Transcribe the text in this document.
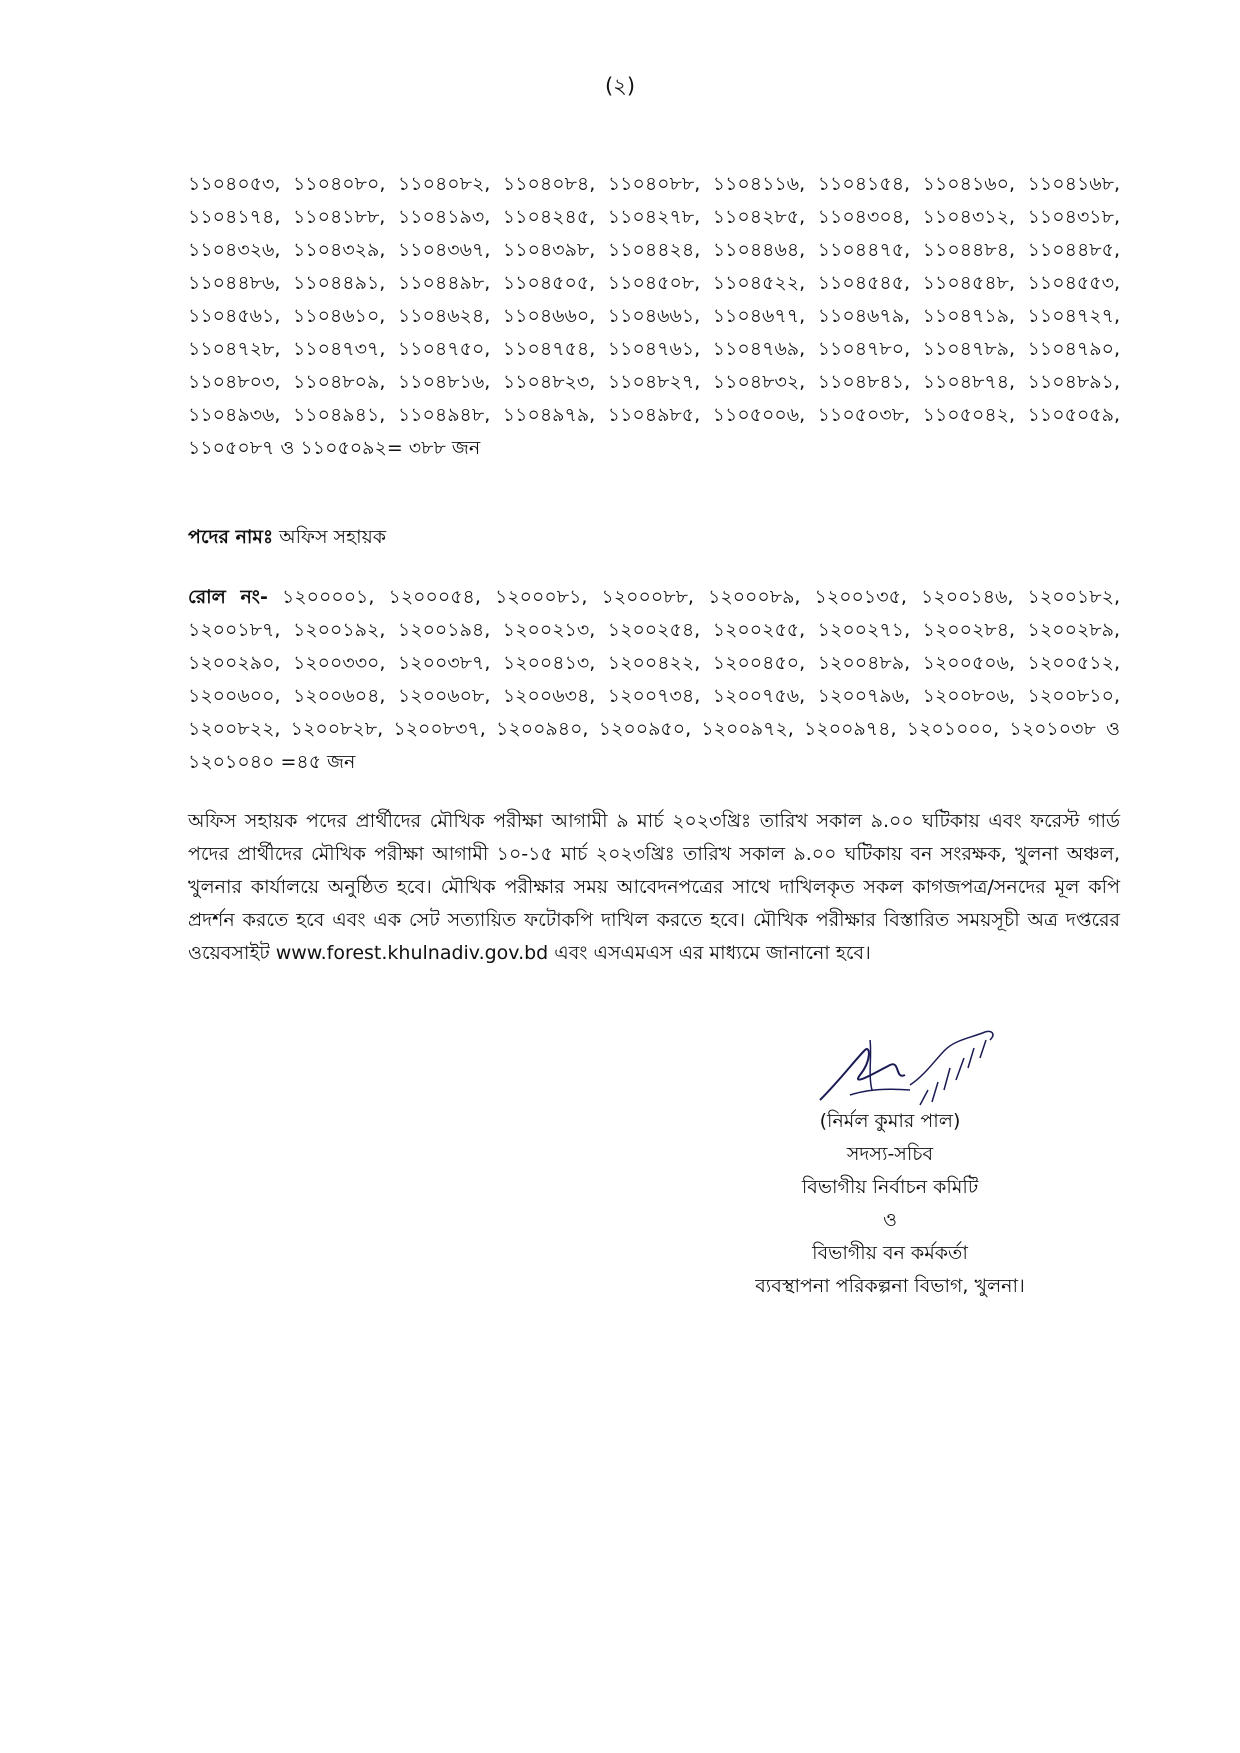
(২)

১১০৪০৫৩, ১১০৪০৮০, ১১০৪০৮২, ১১০৪০৮৪, ১১০৪০৮৮, ১১০৪১১৬, ১১০৪১৫৪, ১১০৪১৬০, ১১০৪১৬৮, ১১০৪১৭৪, ১১০৪১৮৮, ১১০৪১৯৩, ১১০৪২৪৫, ১১০৪২৭৮, ১১০৪২৮৫, ১১০৪৩০৪, ১১০৪৩১২, ১১০৪৩১৮, ১১০৪৩২৬, ১১০৪৩২৯, ১১০৪৩৬৭, ১১০৪৩৯৮, ১১০৪৪২৪, ১১০৪৪৬৪, ১১০৪৪৭৫, ১১০৪৪৮৪, ১১০৪৪৮৫, ১১০৪৪৮৬, ১১০৪৪৯১, ১১০৪৪৯৮, ১১০৪৫০৫, ১১০৪৫০৮, ১১০৪৫২২, ১১০৪৫৪৫, ১১০৪৫৪৮, ১১০৪৫৫৩, ১১০৪৫৬১, ১১০৪৬১০, ১১০৪৬২৪, ১১০৪৬৬০, ১১০৪৬৬১, ১১০৪৬৭৭, ১১০৪৬৭৯, ১১০৪৭১৯, ১১০৪৭২৭, ১১০৪৭২৮, ১১০৪৭৩৭, ১১০৪৭৫০, ১১০৪৭৫৪, ১১০৪৭৬১, ১১০৪৭৬৯, ১১০৪৭৮০, ১১০৪৭৮৯, ১১০৪৭৯০, ১১০৪৮০৩, ১১০৪৮০৯, ১১০৪৮১৬, ১১০৪৮২৩, ১১০৪৮২৭, ১১০৪৮৩২, ১১০৪৮৪১, ১১০৪৮৭৪, ১১০৪৮৯১, ১১০৪৯৩৬, ১১০৪৯৪১, ১১০৪৯৪৮, ১১০৪৯৭৯, ১১০৪৯৮৫, ১১০৫০০৬, ১১০৫০৩৮, ১১০৫০৪২, ১১০৫০৫৯, ১১০৫০৮৭ ও ১১০৫০৯২= ৩৮৮ জন

পদের নামঃ অফিস সহায়ক

রোল নং- ১২০০০০১, ১২০০০৫৪, ১২০০০৮১, ১২০০০৮৮, ১২০০০৮৯, ১২০০১৩৫, ১২০০১৪৬, ১২০০১৮২, ১২০০১৮৭, ১২০০১৯২, ১২০০১৯৪, ১২০০২১৩, ১২০০২৫৪, ১২০০২৫৫, ১২০০২৭১, ১২০০২৮৪, ১২০০২৮৯, ১২০০২৯০, ১২০০৩৩০, ১২০০৩৮৭, ১২০০৪১৩, ১২০০৪২২, ১২০০৪৫০, ১২০০৪৮৯, ১২০০৫০৬, ১২০০৫১২, ১২০০৬০০, ১২০০৬০৪, ১২০০৬০৮, ১২০০৬৩৪, ১২০০৭৩৪, ১২০০৭৫৬, ১২০০৭৯৬, ১২০০৮০৬, ১২০০৮১০, ১২০০৮২২, ১২০০৮২৮, ১২০০৮৩৭, ১২০০৯৪০, ১২০০৯৫০, ১২০০৯৭২, ১২০০৯৭৪, ১২০১০০০, ১২০১০৩৮ ও ১২০১০৪০ =৪৫ জন

অফিস সহায়ক পদের প্রার্থীদের মৌখিক পরীক্ষা আগামী ৯ মার্চ ২০২৩খ্রিঃ তারিখ সকাল ৯.০০ ঘটিকায় এবং ফরেস্ট গার্ড পদের প্রার্থীদের মৌখিক পরীক্ষা আগামী ১০-১৫ মার্চ ২০২৩খ্রিঃ তারিখ সকাল ৯.০০ ঘটিকায় বন সংরক্ষক, খুলনা অঞ্চল, খুলনার কার্যালয়ে অনুষ্ঠিত হবে। মৌখিক পরীক্ষার সময় আবেদনপত্রের সাথে দাখিলকৃত সকল কাগজপত্র/সনদের মূল কপি প্রদর্শন করতে হবে এবং এক সেট সত্যায়িত ফটোকপি দাখিল করতে হবে। মৌখিক পরীক্ষার বিস্তারিত সময়সূচী অত্র দপ্তরের ওয়েবসাইট www.forest.khulnadiv.gov.bd এবং এসএমএস এর মাধ্যমে জানানো হবে।

(নির্মল কুমার পাল)
সদস্য-সচিব
বিভাগীয় নির্বাচন কমিটি
ও
বিভাগীয় বন কর্মকর্তা
ব্যবস্থাপনা পরিকল্পনা বিভাগ, খুলনা।
